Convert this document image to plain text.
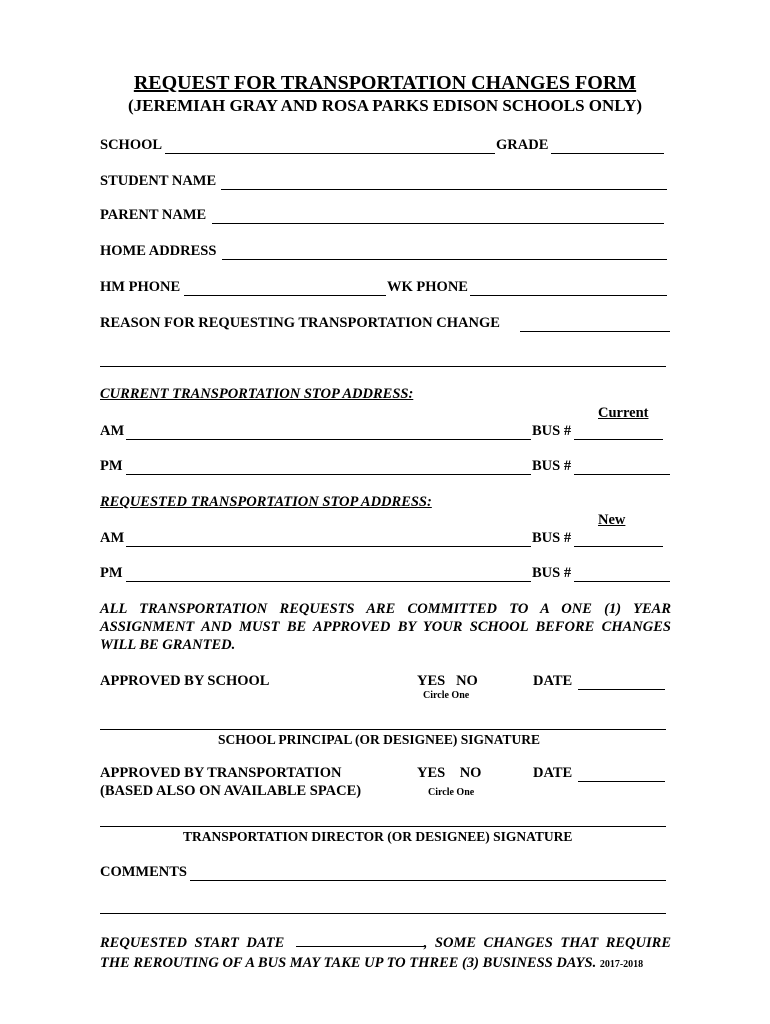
REQUEST FOR TRANSPORTATION CHANGES FORM
(JEREMIAH GRAY AND ROSA PARKS EDISON SCHOOLS ONLY)
SCHOOL	GRADE
STUDENT NAME
PARENT NAME
HOME ADDRESS
HM PHONE	WK PHONE
REASON FOR REQUESTING TRANSPORTATION CHANGE
CURRENT TRANSPORTATION STOP ADDRESS:
Current
AM	BUS #
PM	BUS #
REQUESTED TRANSPORTATION STOP ADDRESS:
New
AM	BUS #
PM	BUS #
ALL TRANSPORTATION REQUESTS ARE COMMITTED TO A ONE (1) YEAR ASSIGNMENT AND MUST BE APPROVED BY YOUR SCHOOL BEFORE CHANGES WILL BE GRANTED.
APPROVED BY SCHOOL	YES   NO
Circle One
DATE
SCHOOL PRINCIPAL (OR DESIGNEE) SIGNATURE
APPROVED BY TRANSPORTATION
(BASED ALSO ON AVAILABLE SPACE)
YES    NO
Circle One
DATE
TRANSPORTATION DIRECTOR (OR DESIGNEE) SIGNATURE
COMMENTS
REQUESTED START DATE	, SOME CHANGES THAT REQUIRE THE REROUTING OF A BUS MAY TAKE UP TO THREE (3) BUSINESS DAYS. 2017-2018
